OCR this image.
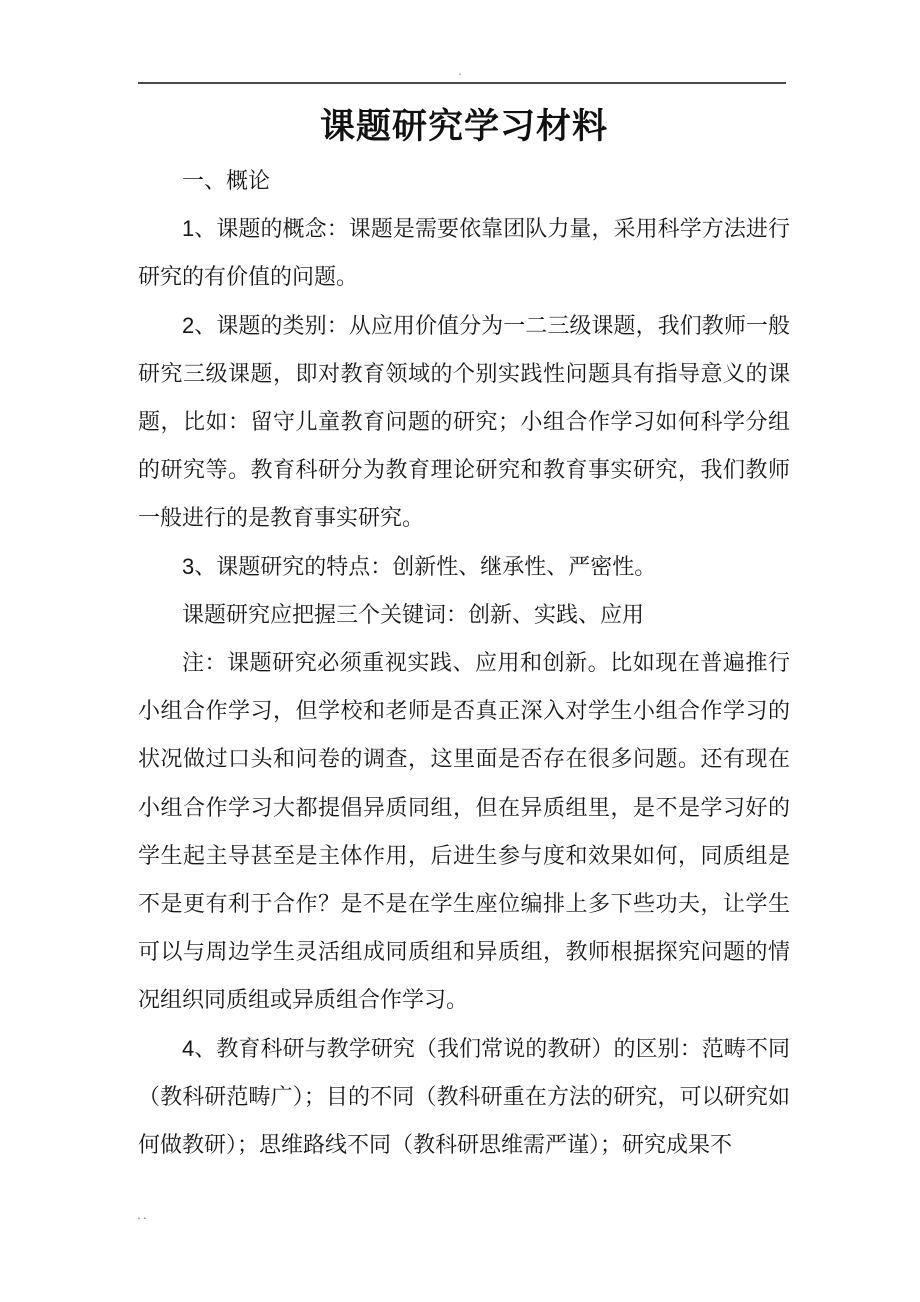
.
课题研究学习材料

一、概论

1、课题的概念：课题是需要依靠团队力量，采用科学方法进行研究的有价值的问题。

2、课题的类别：从应用价值分为一二三级课题，我们教师一般研究三级课题，即对教育领域的个别实践性问题具有指导意义的课题，比如：留守儿童教育问题的研究；小组合作学习如何科学分组的研究等。教育科研分为教育理论研究和教育事实研究，我们教师一般进行的是教育事实研究。

3、课题研究的特点：创新性、继承性、严密性。

课题研究应把握三个关键词：创新、实践、应用

注：课题研究必须重视实践、应用和创新。比如现在普遍推行小组合作学习，但学校和老师是否真正深入对学生小组合作学习的状况做过口头和问卷的调查，这里面是否存在很多问题。还有现在小组合作学习大都提倡异质同组，但在异质组里，是不是学习好的学生起主导甚至是主体作用，后进生参与度和效果如何，同质组是不是更有利于合作？是不是在学生座位编排上多下些功夫，让学生可以与周边学生灵活组成同质组和异质组，教师根据探究问题的情况组织同质组或异质组合作学习。

4、教育科研与教学研究（我们常说的教研）的区别：范畴不同（教科研范畴广）；目的不同（教科研重在方法的研究，可以研究如何做教研）；思维路线不同（教科研思维需严谨）；研究成果不

..
